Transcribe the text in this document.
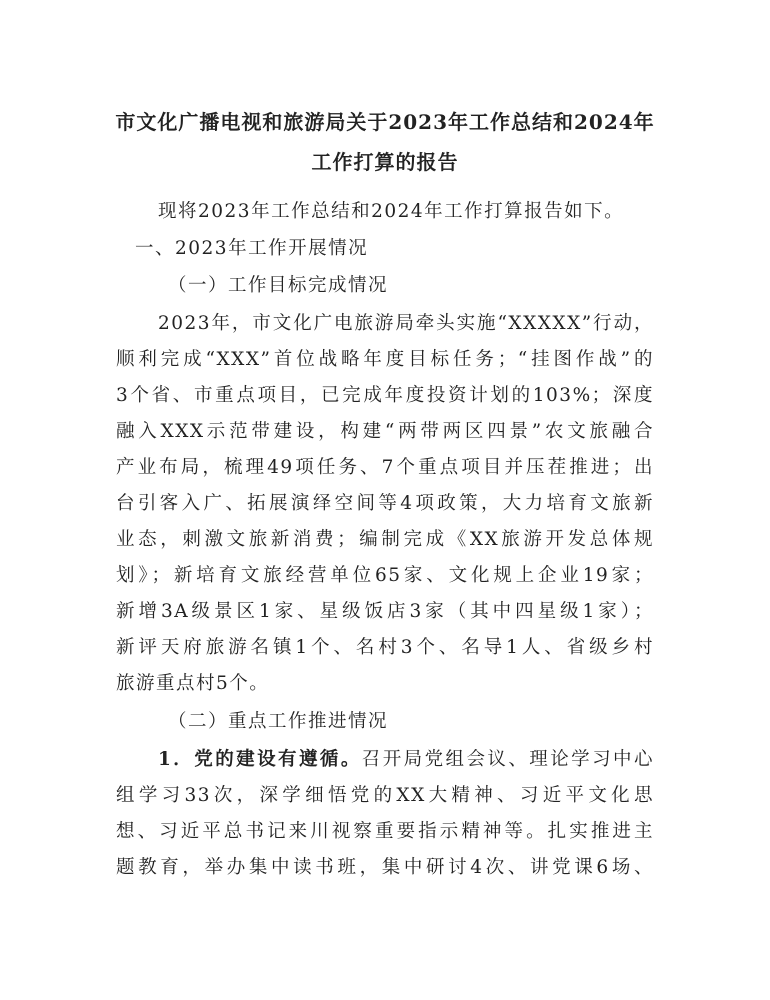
市文化广播电视和旅游局关于2023年工作总结和2024年
工作打算的报告
现将2023年工作总结和2024年工作打算报告如下。
一、2023年工作开展情况
（一）工作目标完成情况
2023年，市文化广电旅游局牵头实施“XXXXX”行动，
顺利完成“XXX”首位战略年度目标任务；“挂图作战”的
3个省、市重点项目，已完成年度投资计划的103%；深度
融入XXX示范带建设，构建“两带两区四景”农文旅融合
产业布局，梳理49项任务、7个重点项目并压茬推进；出
台引客入广、拓展演绎空间等4项政策，大力培育文旅新
业态，刺激文旅新消费；编制完成《XX旅游开发总体规
划》；新培育文旅经营单位65家、文化规上企业19家；
新增3A级景区1家、星级饭店3家（其中四星级1家）；
新评天府旅游名镇1个、名村3个、名导1人、省级乡村
旅游重点村5个。
（二）重点工作推进情况
1．党的建设有遵循。召开局党组会议、理论学习中心
组学习33次，深学细悟党的XX大精神、习近平文化思
想、习近平总书记来川视察重要指示精神等。扎实推进主
题教育，举办集中读书班，集中研讨4次、讲党课6场、
